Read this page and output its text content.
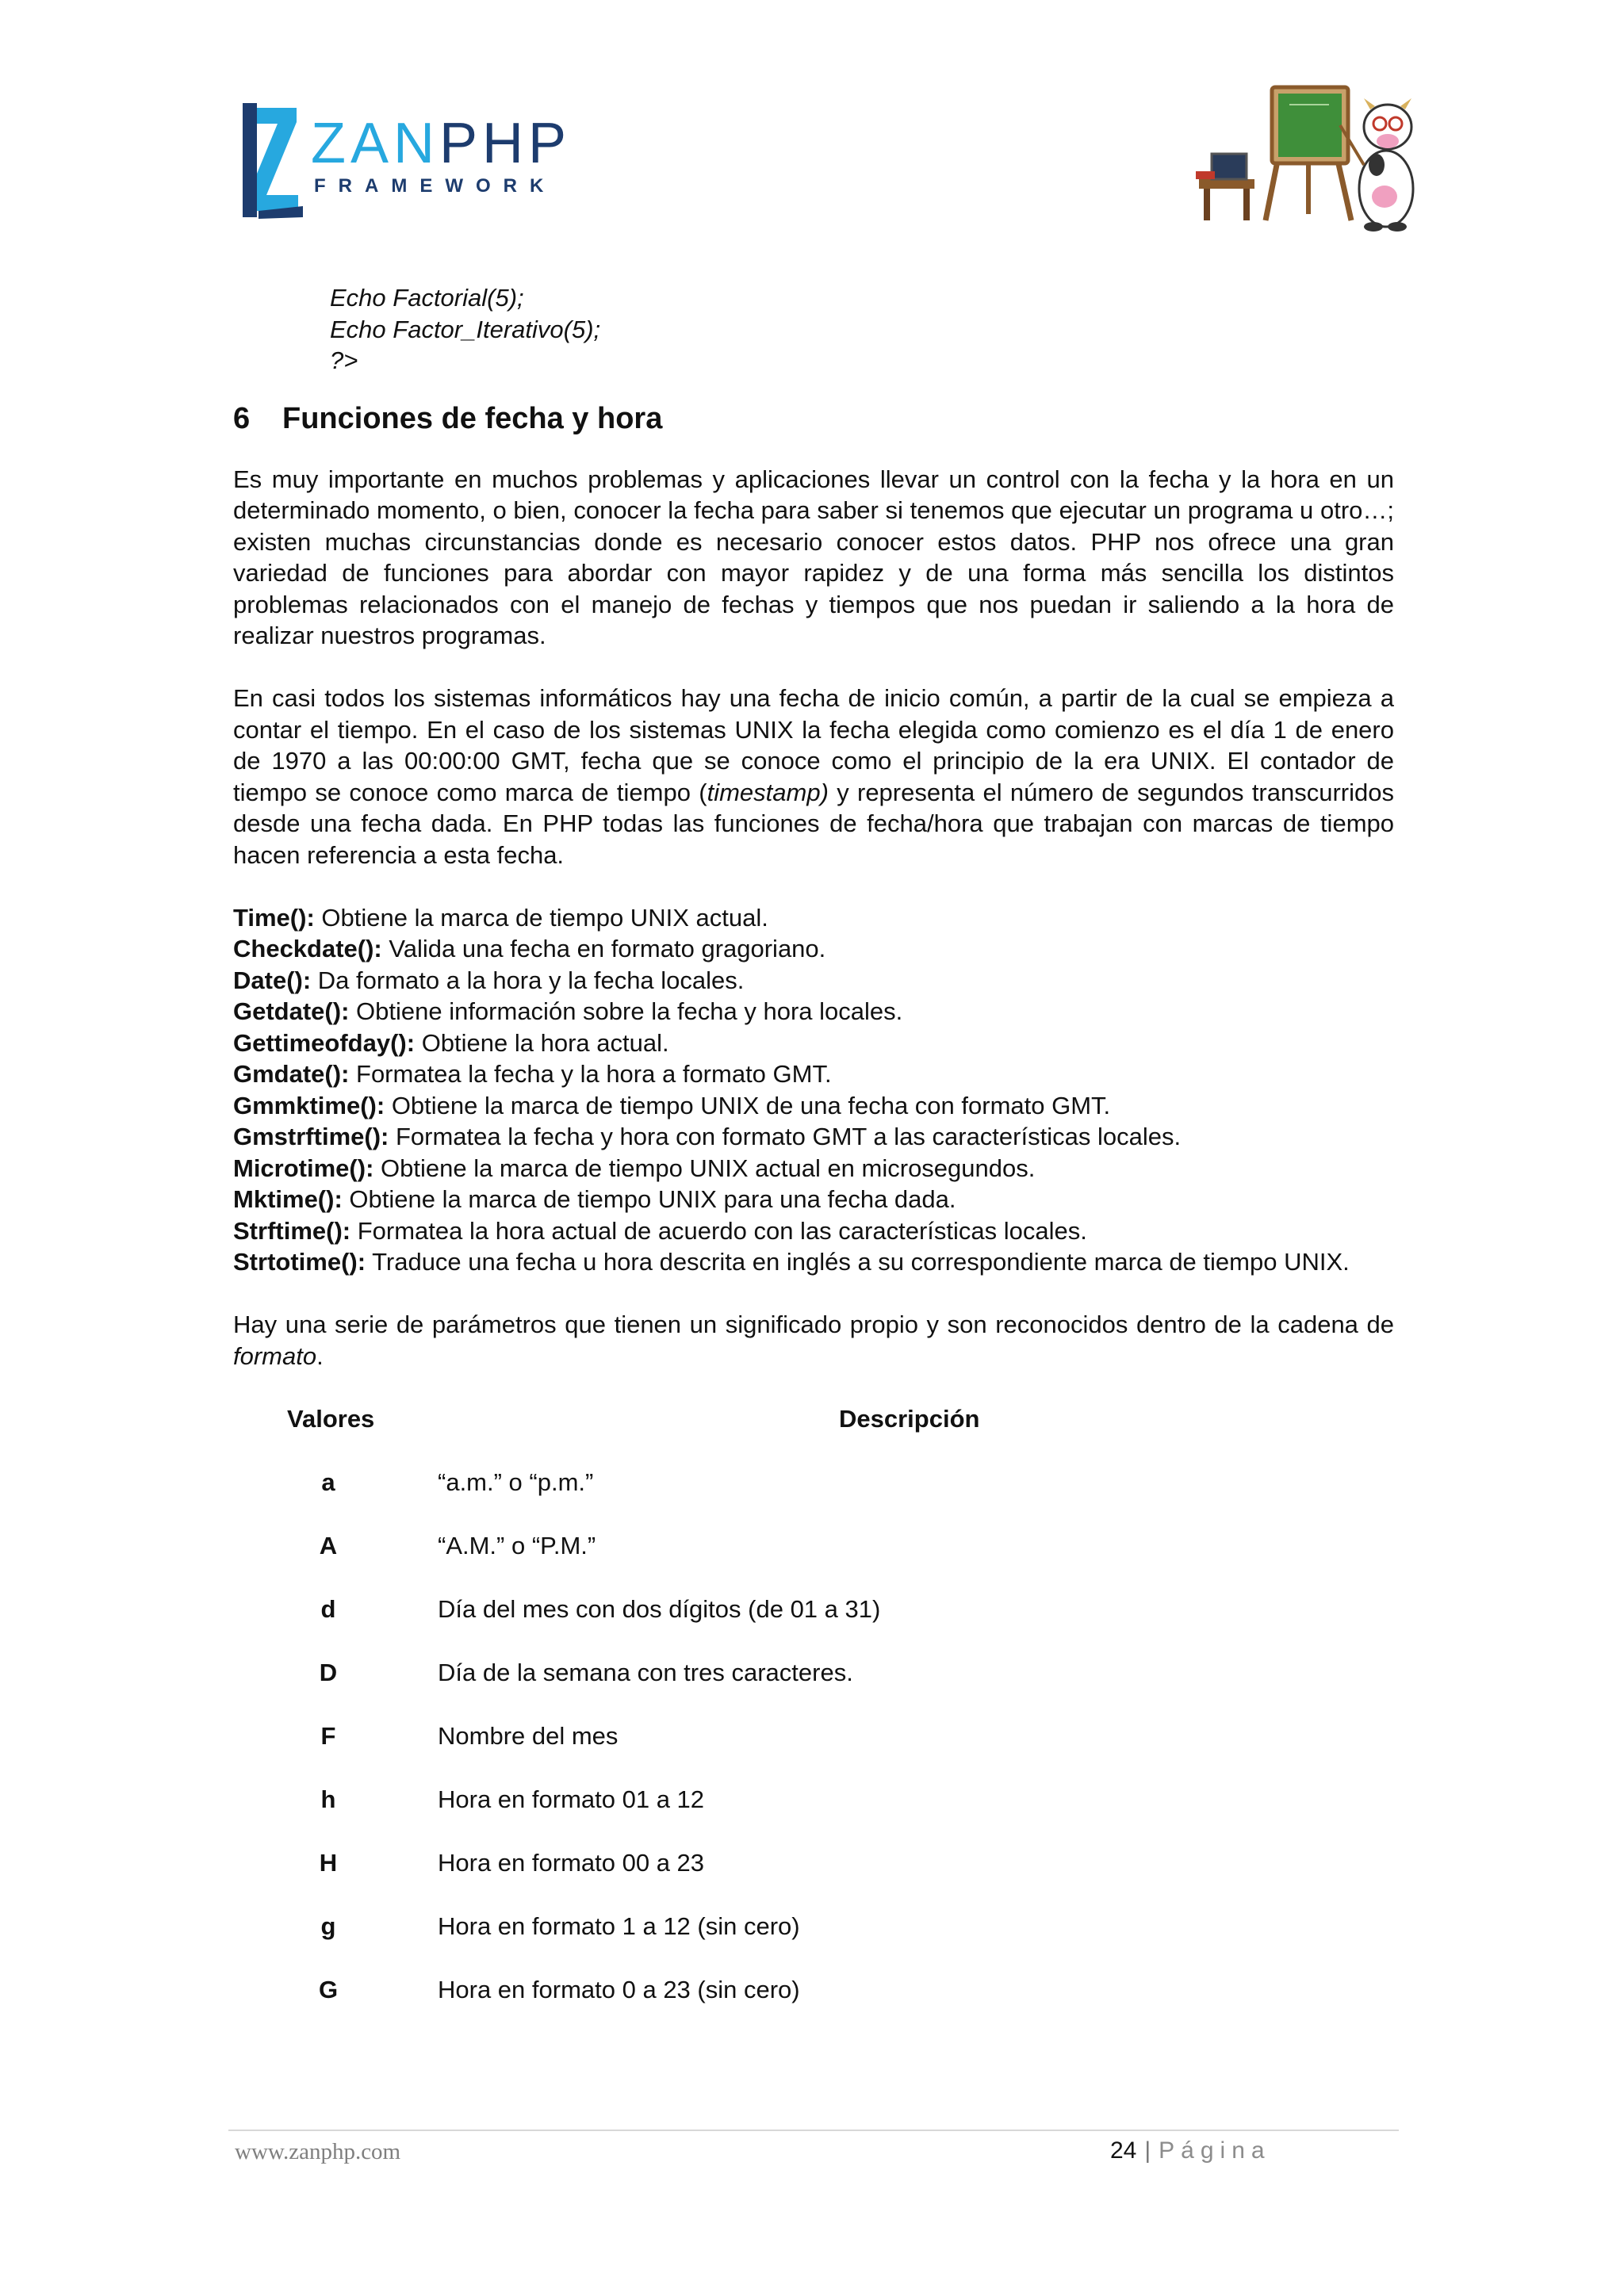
ZANPHP
FRAMEWORK
Echo Factorial(5);
Echo Factor_Iterativo(5);
?>
6 Funciones de fecha y hora

Es muy importante en muchos problemas y aplicaciones llevar un control con la fecha y la hora en un determinado momento, o bien, conocer la fecha para saber si tenemos que ejecutar un programa u otro…; existen muchas circunstancias donde es necesario conocer estos datos. PHP nos ofrece una gran variedad de funciones para abordar con mayor rapidez y de una forma más sencilla los distintos problemas relacionados con el manejo de fechas y tiempos que nos puedan ir saliendo a la hora de realizar nuestros programas.

En casi todos los sistemas informáticos hay una fecha de inicio común, a partir de la cual se empieza a contar el tiempo. En el caso de los sistemas UNIX la fecha elegida como comienzo es el día 1 de enero de 1970 a las 00:00:00 GMT, fecha que se conoce como el principio de la era UNIX. El contador de tiempo se conoce como marca de tiempo (timestamp) y representa el número de segundos transcurridos desde una fecha dada. En PHP todas las funciones de fecha/hora que trabajan con marcas de tiempo hacen referencia a esta fecha.

Time(): Obtiene la marca de tiempo UNIX actual.
Checkdate(): Valida una fecha en formato gragoriano.
Date(): Da formato a la hora y la fecha locales.
Getdate(): Obtiene información sobre la fecha y hora locales.
Gettimeofday(): Obtiene la hora actual.
Gmdate(): Formatea la fecha y la hora a formato GMT.
Gmmktime(): Obtiene la marca de tiempo UNIX de una fecha con formato GMT.
Gmstrftime(): Formatea la fecha y hora con formato GMT a las características locales.
Microtime(): Obtiene la marca de tiempo UNIX actual en microsegundos.
Mktime(): Obtiene la marca de tiempo UNIX para una fecha dada.
Strftime(): Formatea la hora actual de acuerdo con las características locales.
Strtotime(): Traduce una fecha u hora descrita en inglés a su correspondiente marca de tiempo UNIX.

Hay una serie de parámetros que tienen un significado propio y son reconocidos dentro de la cadena de formato.

Valores	Descripción
a	“a.m.” o “p.m.”
A	“A.M.” o “P.M.”
d	Día del mes con dos dígitos (de 01 a 31)
D	Día de la semana con tres caracteres.
F	Nombre del mes
h	Hora en formato 01 a 12
H	Hora en formato 00 a 23
g	Hora en formato 1 a 12 (sin cero)
G	Hora en formato 0 a 23 (sin cero)
www.zanphp.com	24 | Página
